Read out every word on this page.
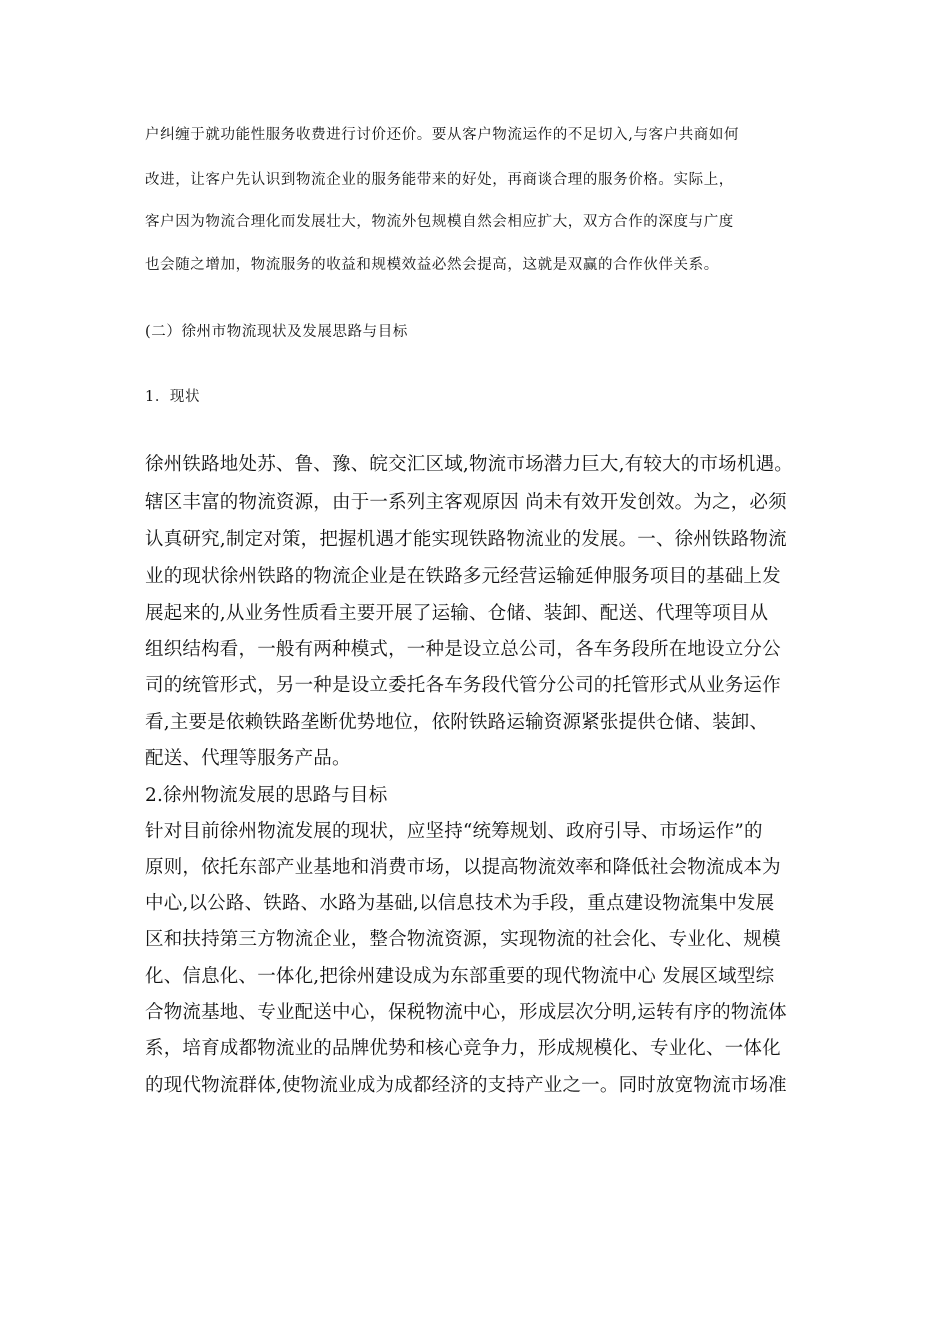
户纠缠于就功能性服务收费进行讨价还价。要从客户物流运作的不足切入,与客户共商如何
改进，让客户先认识到物流企业的服务能带来的好处，再商谈合理的服务价格。实际上，
客户因为物流合理化而发展壮大，物流外包规模自然会相应扩大，双方合作的深度与广度
也会随之增加，物流服务的收益和规模效益必然会提高，这就是双赢的合作伙伴关系。
(二）徐州市物流现状及发展思路与目标
1．现状
徐州铁路地处苏、鲁、豫、皖交汇区域,物流市场潜力巨大,有较大的市场机遇。
辖区丰富的物流资源，由于一系列主客观原因 尚未有效开发创效。为之，必须
认真研究,制定对策，把握机遇才能实现铁路物流业的发展。一、徐州铁路物流
业的现状徐州铁路的物流企业是在铁路多元经营运输延伸服务项目的基础上发
展起来的,从业务性质看主要开展了运输、仓储、装卸、配送、代理等项目从
组织结构看，一般有两种模式，一种是设立总公司，各车务段所在地设立分公
司的统管形式，另一种是设立委托各车务段代管分公司的托管形式从业务运作
看,主要是依赖铁路垄断优势地位，依附铁路运输资源紧张提供仓储、装卸、
配送、代理等服务产品。
2.徐州物流发展的思路与目标
针对目前徐州物流发展的现状，应坚持“统筹规划、政府引导、市场运作”的
原则，依托东部产业基地和消费市场，以提高物流效率和降低社会物流成本为
中心,以公路、铁路、水路为基础,以信息技术为手段，重点建设物流集中发展
区和扶持第三方物流企业，整合物流资源，实现物流的社会化、专业化、规模
化、信息化、一体化,把徐州建设成为东部重要的现代物流中心 发展区域型综
合物流基地、专业配送中心，保税物流中心，形成层次分明,运转有序的物流体
系，培育成都物流业的品牌优势和核心竞争力，形成规模化、专业化、一体化
的现代物流群体,使物流业成为成都经济的支持产业之一。同时放宽物流市场准
